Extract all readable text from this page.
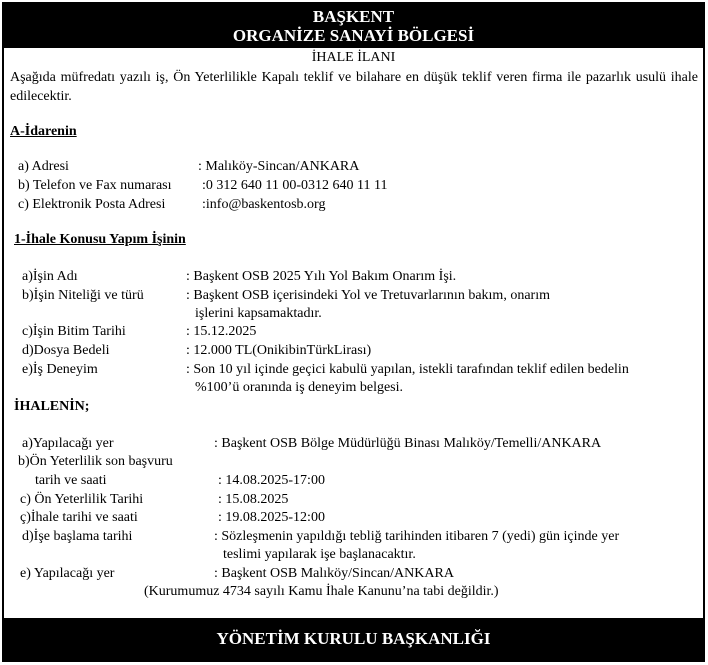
BAŞKENT
ORGANİZE SANAYİ BÖLGESİ
İHALE İLANI
Aşağıda müfredatı yazılı iş, Ön Yeterlilikle Kapalı teklif ve bilahare en düşük teklif veren firma ile pazarlık usulü ihale edilecektir.
A-İdarenin
a) Adresi	: Malıköy-Sincan/ANKARA
b) Telefon ve Fax numarası :0 312 640 11 00-0312 640 11 11
c) Elektronik Posta Adresi	:info@baskentosb.org
1-İhale Konusu Yapım İşinin
a)İşin Adı	: Başkent OSB 2025 Yılı Yol Bakım Onarım İşi.
b)İşin Niteliği ve türü	: Başkent OSB içerisindeki Yol ve Tretuvarlarının bakım, onarım
işlerini kapsamaktadır.
c)İşin Bitim Tarihi	: 15.12.2025
d)Dosya Bedeli	: 12.000 TL(OnikibinTürkLirası)
e)İş Deneyim	: Son 10 yıl içinde geçici kabulü yapılan, istekli tarafından teklif edilen bedelin
%100’ü oranında iş deneyim belgesi.
İHALENİN;
a)Yapılacağı yer	: Başkent OSB Bölge Müdürlüğü Binası Malıköy/Temelli/ANKARA
b)Ön Yeterlilik son başvuru
tarih ve saati	: 14.08.2025-17:00
c) Ön Yeterlilik Tarihi	: 15.08.2025
ç)İhale tarihi ve saati	: 19.08.2025-12:00
d)İşe başlama tarihi	: Sözleşmenin yapıldığı tebliğ tarihinden itibaren 7 (yedi) gün içinde yer
teslimi yapılarak işe başlanacaktır.
e) Yapılacağı yer	: Başkent OSB Malıköy/Sincan/ANKARA
(Kurumumuz 4734 sayılı Kamu İhale Kanunu’na tabi değildir.)
YÖNETİM KURULU BAŞKANLIĞI
